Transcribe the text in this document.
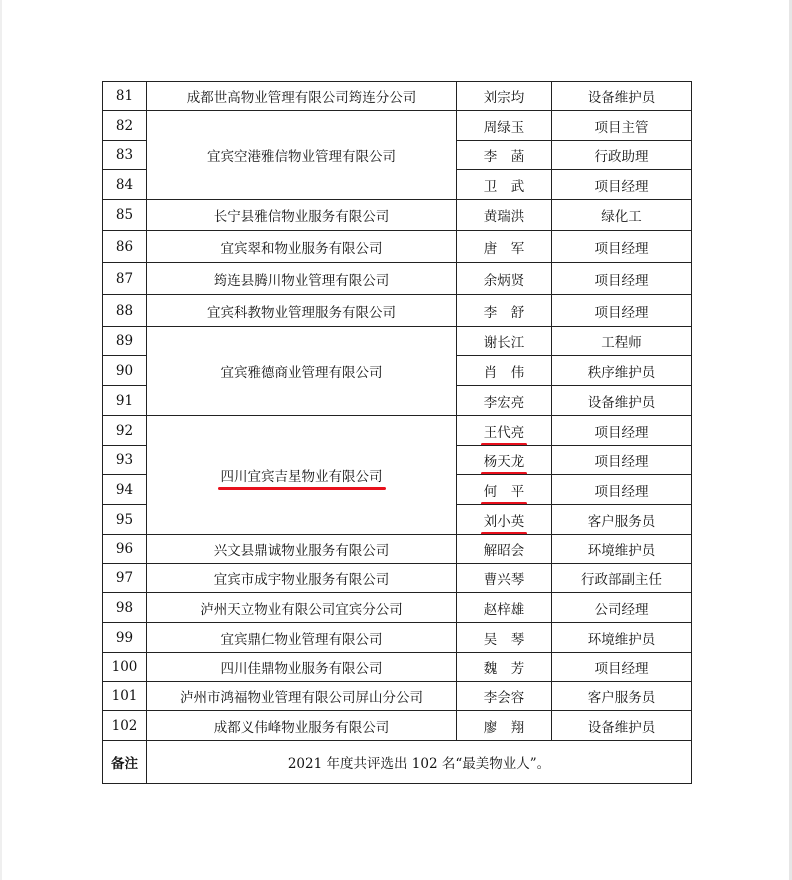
81	成都世高物业管理有限公司筠连分公司	刘宗均	设备维护员
82	宜宾空港雅信物业管理有限公司	周绿玉	项目主管
83		李　菡	行政助理
84		卫　武	项目经理
85	长宁县雅信物业服务有限公司	黄瑞洪	绿化工
86	宜宾翠和物业服务有限公司	唐　军	项目经理
87	筠连县腾川物业管理有限公司	余炳贤	项目经理
88	宜宾科教物业管理服务有限公司	李　舒	项目经理
89	宜宾雅德商业管理有限公司	谢长江	工程师
90		肖　伟	秩序维护员
91		李宏亮	设备维护员
92	四川宜宾吉星物业有限公司	王代亮	项目经理
93		杨天龙	项目经理
94		何　平	项目经理
95		刘小英	客户服务员
96	兴文县鼎诚物业服务有限公司	解昭会	环境维护员
97	宜宾市成宇物业服务有限公司	曹兴琴	行政部副主任
98	泸州天立物业有限公司宜宾分公司	赵梓雄	公司经理
99	宜宾鼎仁物业管理有限公司	吴　琴	环境维护员
100	四川佳鼎物业服务有限公司	魏　芳	项目经理
101	泸州市鸿福物业管理有限公司屏山分公司	李会容	客户服务员
102	成都义伟峰物业服务有限公司	廖　翔	设备维护员
备注	2021 年度共评选出 102 名“最美物业人”。		
